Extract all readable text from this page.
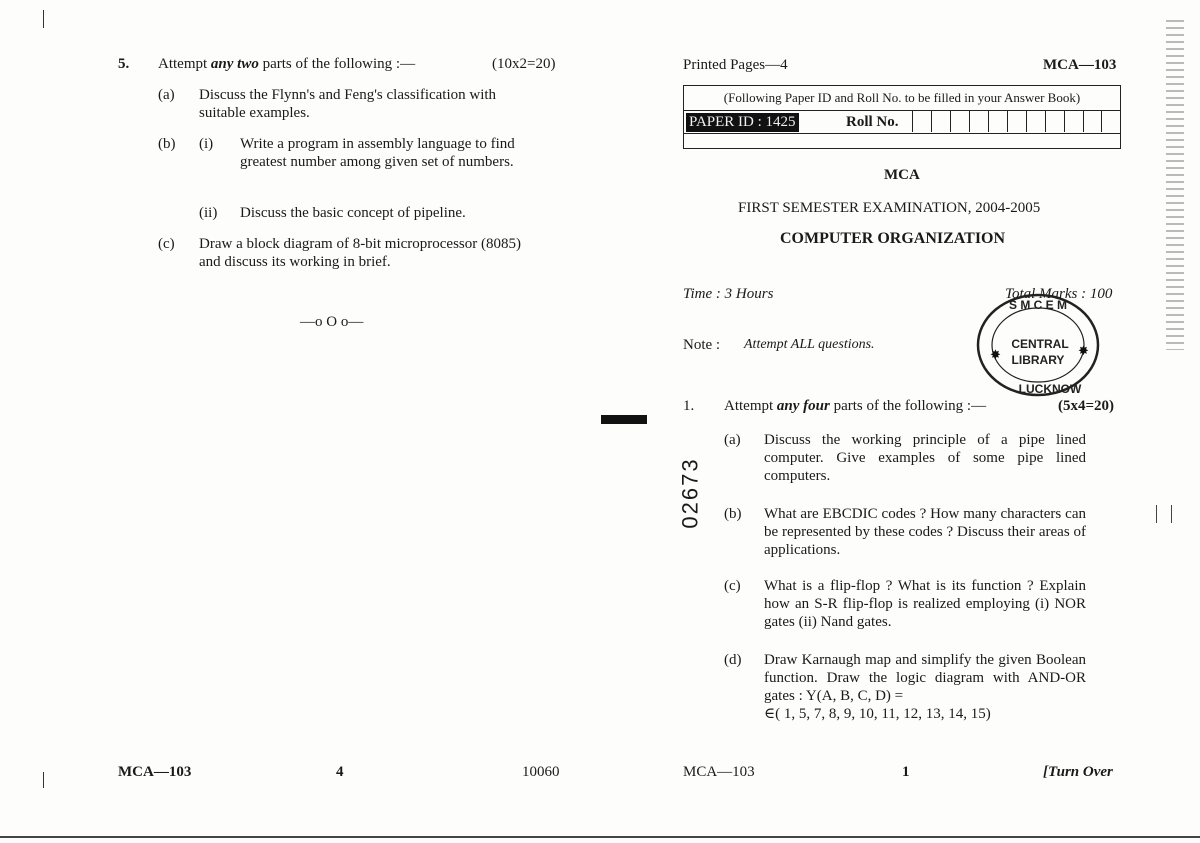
5. Attempt any two parts of the following :—	(10x2=20)
(a) Discuss the Flynn's and Feng's classification with suitable examples.
(b) (i) Write a program in assembly language to find greatest number among given set of numbers.
(ii) Discuss the basic concept of pipeline.
(c) Draw a block diagram of 8-bit microprocessor (8085) and discuss its working in brief.
—o O o—
MCA—103	4	10060
02673
Printed Pages—4	MCA—103
(Following Paper ID and Roll No. to be filled in your Answer Book)
PAPER ID : 1425	Roll No.
MCA
FIRST SEMESTER EXAMINATION, 2004-2005
COMPUTER ORGANIZATION
Time : 3 Hours	Total Marks : 100
Note : Attempt ALL questions.
S M C E M
CENTRAL
LIBRARY
LUCKNOW
✸	✸
1. Attempt any four parts of the following :—	(5x4=20)
(a) Discuss the working principle of a pipe lined computer. Give examples of some pipe lined computers.
(b) What are EBCDIC codes ? How many characters can be represented by these codes ? Discuss their areas of applications.
(c) What is a flip-flop ? What is its function ? Explain how an S-R flip-flop is realized employing (i) NOR gates (ii) Nand gates.
(d) Draw Karnaugh map and simplify the given Boolean function. Draw the logic diagram with AND-OR gates : Y(A, B, C, D) =
∈( 1, 5, 7, 8, 9, 10, 11, 12, 13, 14, 15)
MCA—103	1	[Turn Over
